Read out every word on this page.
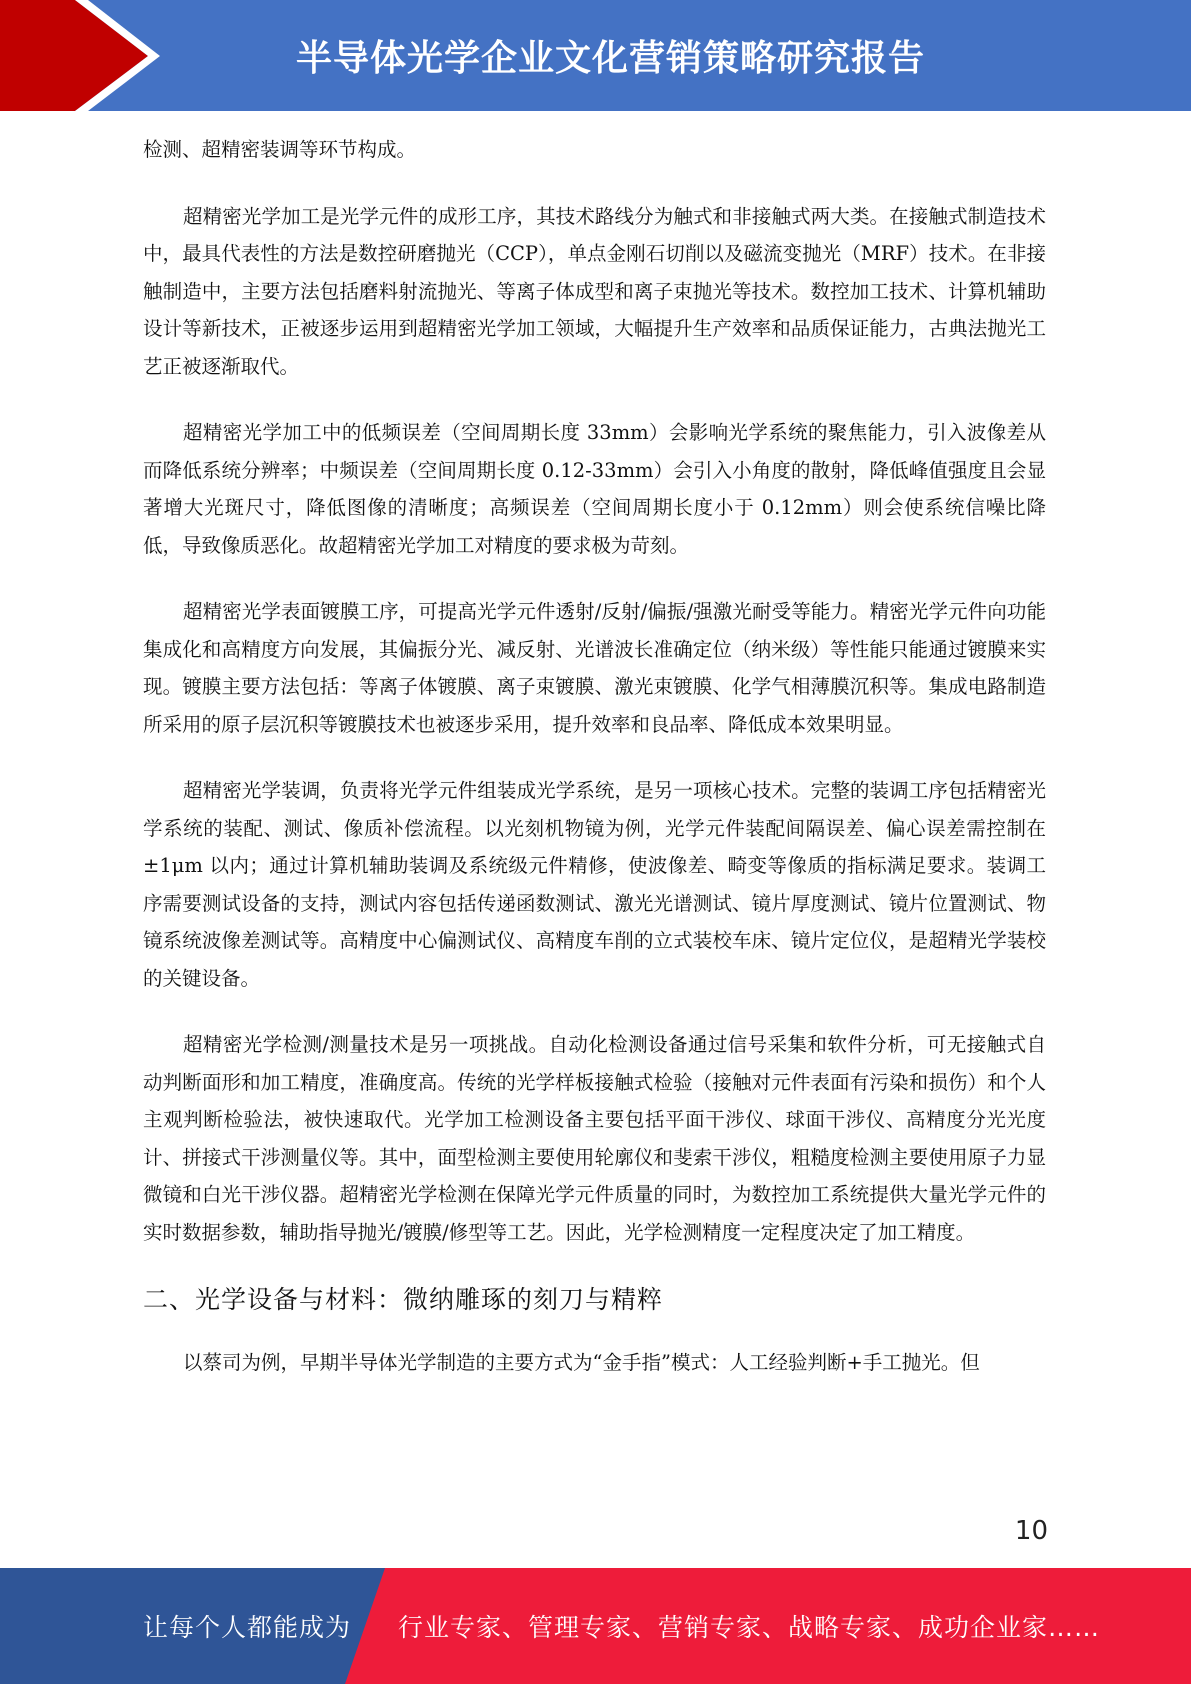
半导体光学企业文化营销策略研究报告

检测、超精密装调等环节构成。

超精密光学加工是光学元件的成形工序，其技术路线分为触式和非接触式两大类。在接触式制造技术中，最具代表性的方法是数控研磨抛光（CCP），单点金刚石切削以及磁流变抛光（MRF）技术。在非接触制造中，主要方法包括磨料射流抛光、等离子体成型和离子束抛光等技术。数控加工技术、计算机辅助设计等新技术，正被逐步运用到超精密光学加工领域，大幅提升生产效率和品质保证能力，古典法抛光工艺正被逐渐取代。

超精密光学加工中的低频误差（空间周期长度 33mm）会影响光学系统的聚焦能力，引入波像差从而降低系统分辨率；中频误差（空间周期长度 0.12-33mm）会引入小角度的散射，降低峰值强度且会显著增大光斑尺寸，降低图像的清晰度；高频误差（空间周期长度小于 0.12mm）则会使系统信噪比降低，导致像质恶化。故超精密光学加工对精度的要求极为苛刻。

超精密光学表面镀膜工序，可提高光学元件透射/反射/偏振/强激光耐受等能力。精密光学元件向功能集成化和高精度方向发展，其偏振分光、减反射、光谱波长准确定位（纳米级）等性能只能通过镀膜来实现。镀膜主要方法包括：等离子体镀膜、离子束镀膜、激光束镀膜、化学气相薄膜沉积等。集成电路制造所采用的原子层沉积等镀膜技术也被逐步采用，提升效率和良品率、降低成本效果明显。

超精密光学装调，负责将光学元件组装成光学系统，是另一项核心技术。完整的装调工序包括精密光学系统的装配、测试、像质补偿流程。以光刻机物镜为例，光学元件装配间隔误差、偏心误差需控制在±1μm 以内；通过计算机辅助装调及系统级元件精修，使波像差、畸变等像质的指标满足要求。装调工序需要测试设备的支持，测试内容包括传递函数测试、激光光谱测试、镜片厚度测试、镜片位置测试、物镜系统波像差测试等。高精度中心偏测试仪、高精度车削的立式装校车床、镜片定位仪，是超精光学装校的关键设备。

超精密光学检测/测量技术是另一项挑战。自动化检测设备通过信号采集和软件分析，可无接触式自动判断面形和加工精度，准确度高。传统的光学样板接触式检验（接触对元件表面有污染和损伤）和个人主观判断检验法，被快速取代。光学加工检测设备主要包括平面干涉仪、球面干涉仪、高精度分光光度计、拼接式干涉测量仪等。其中，面型检测主要使用轮廓仪和斐索干涉仪，粗糙度检测主要使用原子力显微镜和白光干涉仪器。超精密光学检测在保障光学元件质量的同时，为数控加工系统提供大量光学元件的实时数据参数，辅助指导抛光/镀膜/修型等工艺。因此，光学检测精度一定程度决定了加工精度。

二、光学设备与材料：微纳雕琢的刻刀与精粹

以蔡司为例，早期半导体光学制造的主要方式为“金手指”模式：人工经验判断+手工抛光。但

10
让每个人都能成为 行业专家、管理专家、营销专家、战略专家、成功企业家……
